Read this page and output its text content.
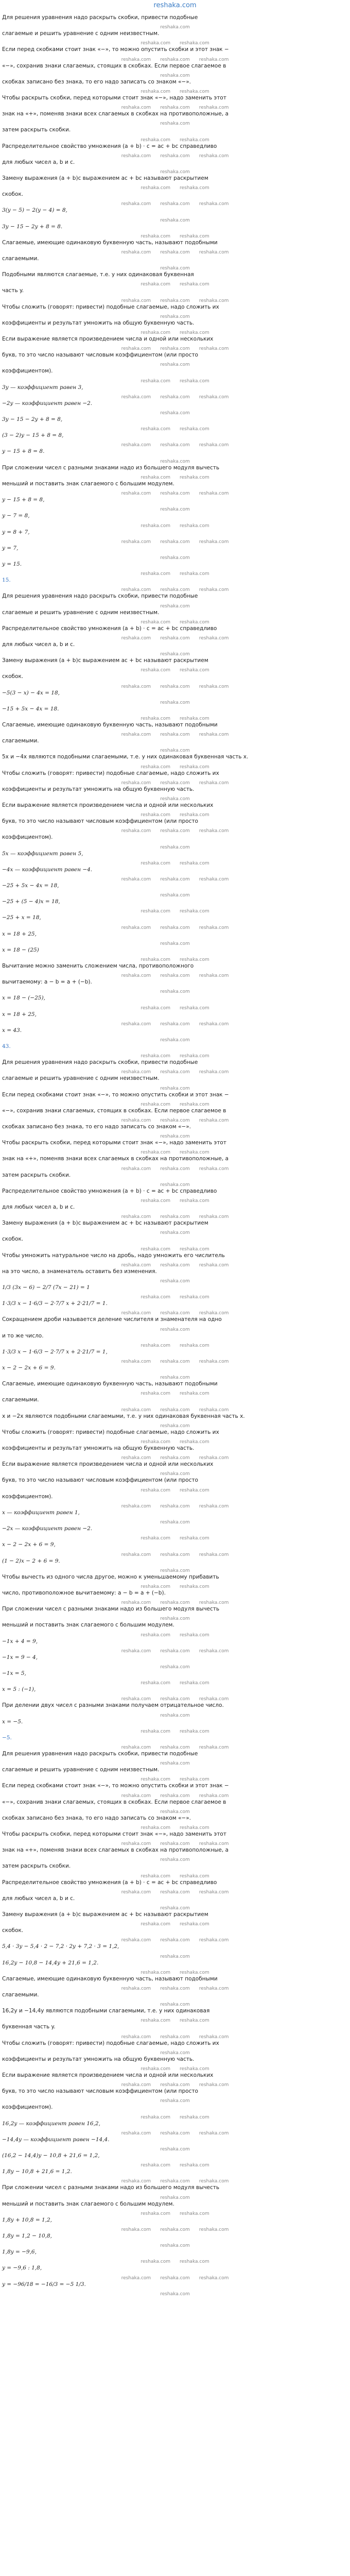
reshaka.com
Для решения уравнения надо раскрыть скобки, привести подобные
reshaka.com
слагаемые и решить уравнение с одним неизвестным.
reshaka.com reshaka.com
Если перед скобками стоит знак «−», то можно опустить скобки и этот знак −
reshaka.com reshaka.com reshaka.com
«−», сохранив знаки слагаемых, стоящих в скобках. Если первое слагаемое в
reshaka.com
скобках записано без знака, то его надо записать со знаком «−».
reshaka.com reshaka.com
Чтобы раскрыть скобки, перед которыми стоит знак «−», надо заменить этот
reshaka.com reshaka.com reshaka.com
знак на «+», поменяв знаки всех слагаемых в скобках на противоположные, а
reshaka.com
затем раскрыть скобки.
reshaka.com reshaka.com
Распределительное свойство умножения (a + b) · c = ac + bc справедливо
reshaka.com reshaka.com reshaka.com
для любых чисел a, b и c.
reshaka.com
Замену выражения (a + b)c выражением ac + bc называют раскрытием
reshaka.com reshaka.com
скобок.
reshaka.com reshaka.com reshaka.com
3(y − 5) − 2(y − 4) = 8,
reshaka.com
3y − 15 − 2y + 8 = 8.
reshaka.com reshaka.com
Слагаемые, имеющие одинаковую буквенную часть, называют подобными
reshaka.com reshaka.com reshaka.com
слагаемыми.
reshaka.com
Подобными являются слагаемые, т.е. у них одинаковая буквенная
reshaka.com reshaka.com
часть y.
reshaka.com reshaka.com reshaka.com
Чтобы сложить (говорят: привести) подобные слагаемые, надо сложить их
reshaka.com
коэффициенты и результат умножить на общую буквенную часть.
reshaka.com reshaka.com
Если выражение является произведением числа и одной или нескольких
reshaka.com reshaka.com reshaka.com
букв, то это число называют числовым коэффициентом (или просто
reshaka.com
коэффициентом).
reshaka.com reshaka.com
3y — коэффициент равен 3,
reshaka.com reshaka.com reshaka.com
−2y — коэффициент равен −2.
reshaka.com
3y − 15 − 2y + 8 = 8,
reshaka.com reshaka.com
(3 − 2)y − 15 + 8 = 8,
reshaka.com reshaka.com reshaka.com
y − 15 + 8 = 8.
reshaka.com
При сложении чисел с разными знаками надо из большего модуля вычесть
reshaka.com reshaka.com
меньший и поставить знак слагаемого с большим модулем.
reshaka.com reshaka.com reshaka.com
y − 15 + 8 = 8,
reshaka.com
y − 7 = 8,
reshaka.com reshaka.com
y = 8 + 7,
reshaka.com reshaka.com reshaka.com
y = 7,
reshaka.com
y = 15.
reshaka.com reshaka.com
15.
reshaka.com reshaka.com reshaka.com
Для решения уравнения надо раскрыть скобки, привести подобные
reshaka.com
слагаемые и решить уравнение с одним неизвестным.
reshaka.com reshaka.com
Распределительное свойство умножения (a + b) · c = ac + bc справедливо
reshaka.com reshaka.com reshaka.com
для любых чисел a, b и c.
reshaka.com
Замену выражения (a + b)c выражением ac + bc называют раскрытием
reshaka.com reshaka.com
скобок.
reshaka.com reshaka.com reshaka.com
−5(3 − x) − 4x = 18,
reshaka.com
−15 + 5x − 4x = 18.
reshaka.com reshaka.com
Слагаемые, имеющие одинаковую буквенную часть, называют подобными
reshaka.com reshaka.com reshaka.com
слагаемыми.
reshaka.com
5x и −4x являются подобными слагаемыми, т.е. у них одинаковая буквенная часть x.
reshaka.com reshaka.com
Чтобы сложить (говорят: привести) подобные слагаемые, надо сложить их
reshaka.com reshaka.com reshaka.com
коэффициенты и результат умножить на общую буквенную часть.
reshaka.com
Если выражение является произведением числа и одной или нескольких
reshaka.com reshaka.com
букв, то это число называют числовым коэффициентом (или просто
reshaka.com reshaka.com reshaka.com
коэффициентом).
reshaka.com
5x — коэффициент равен 5,
reshaka.com reshaka.com
−4x — коэффициент равен −4.
reshaka.com reshaka.com reshaka.com
−25 + 5x − 4x = 18,
reshaka.com
−25 + (5 − 4)x = 18,
reshaka.com reshaka.com
−25 + x = 18,
reshaka.com reshaka.com reshaka.com
x = 18 + 25,
reshaka.com
x = 18 − (25)
reshaka.com reshaka.com
Вычитание можно заменить сложением числа, противоположного
reshaka.com reshaka.com reshaka.com
вычитаемому: a − b = a + (−b).
reshaka.com
x = 18 − (−25),
reshaka.com reshaka.com
x = 18 + 25,
reshaka.com reshaka.com reshaka.com
x = 43.
reshaka.com
43.
reshaka.com reshaka.com
Для решения уравнения надо раскрыть скобки, привести подобные
reshaka.com reshaka.com reshaka.com
слагаемые и решить уравнение с одним неизвестным.
reshaka.com
Если перед скобками стоит знак «−», то можно опустить скобки и этот знак −
reshaka.com reshaka.com
«−», сохранив знаки слагаемых, стоящих в скобках. Если первое слагаемое в
reshaka.com reshaka.com reshaka.com
скобках записано без знака, то его надо записать со знаком «−».
reshaka.com
Чтобы раскрыть скобки, перед которыми стоит знак «−», надо заменить этот
reshaka.com reshaka.com
знак на «+», поменяв знаки всех слагаемых в скобках на противоположные, а
reshaka.com reshaka.com reshaka.com
затем раскрыть скобки.
reshaka.com
Распределительное свойство умножения (a + b) · c = ac + bc справедливо
reshaka.com reshaka.com
для любых чисел a, b и c.
reshaka.com reshaka.com reshaka.com
Замену выражения (a + b)c выражением ac + bc называют раскрытием
reshaka.com
скобок.
reshaka.com reshaka.com
Чтобы умножить натуральное число на дробь, надо умножить его числитель
reshaka.com reshaka.com reshaka.com
на это число, а знаменатель оставить без изменения.
reshaka.com
1/3 (3x − 6) − 2/7 (7x − 21) = 1
reshaka.com reshaka.com
1·3/3 x − 1·6/3 − 2·7/7 x + 2·21/7 = 1.
reshaka.com reshaka.com reshaka.com
Сокращением дроби называется деление числителя и знаменателя на одно
reshaka.com
и то же число.
reshaka.com reshaka.com
1·3/3 x − 1·6/3 − 2·7/7 x + 2·21/7 = 1,
reshaka.com reshaka.com reshaka.com
x − 2 − 2x + 6 = 9.
reshaka.com
Слагаемые, имеющие одинаковую буквенную часть, называют подобными
reshaka.com reshaka.com
слагаемыми.
reshaka.com reshaka.com reshaka.com
x и −2x являются подобными слагаемыми, т.е. у них одинаковая буквенная часть x.
reshaka.com
Чтобы сложить (говорят: привести) подобные слагаемые, надо сложить их
reshaka.com reshaka.com
коэффициенты и результат умножить на общую буквенную часть.
reshaka.com reshaka.com reshaka.com
Если выражение является произведением числа и одной или нескольких
reshaka.com
букв, то это число называют числовым коэффициентом (или просто
reshaka.com reshaka.com
коэффициентом).
reshaka.com reshaka.com reshaka.com
x — коэффициент равен 1,
reshaka.com
−2x — коэффициент равен −2.
reshaka.com reshaka.com
x − 2 − 2x + 6 = 9,
reshaka.com reshaka.com reshaka.com
(1 − 2)x − 2 + 6 = 9.
reshaka.com
Чтобы вычесть из одного числа другое, можно к уменьшаемому прибавить
reshaka.com reshaka.com
число, противоположное вычитаемому: a − b = a + (−b).
reshaka.com reshaka.com reshaka.com
При сложении чисел с разными знаками надо из большего модуля вычесть
reshaka.com
меньший и поставить знак слагаемого с большим модулем.
reshaka.com reshaka.com
−1x + 4 = 9,
reshaka.com reshaka.com reshaka.com
−1x = 9 − 4,
reshaka.com
−1x = 5,
reshaka.com reshaka.com
x = 5 : (−1),
reshaka.com reshaka.com reshaka.com
При делении двух чисел с разными знаками получаем отрицательное число.
reshaka.com
x = −5.
reshaka.com reshaka.com
−5.
reshaka.com reshaka.com reshaka.com
Для решения уравнения надо раскрыть скобки, привести подобные
reshaka.com
слагаемые и решить уравнение с одним неизвестным.
reshaka.com reshaka.com
Если перед скобками стоит знак «−», то можно опустить скобки и этот знак −
reshaka.com reshaka.com reshaka.com
«−», сохранив знаки слагаемых, стоящих в скобках. Если первое слагаемое в
reshaka.com
скобках записано без знака, то его надо записать со знаком «−».
reshaka.com reshaka.com
Чтобы раскрыть скобки, перед которыми стоит знак «−», надо заменить этот
reshaka.com reshaka.com reshaka.com
знак на «+», поменяв знаки всех слагаемых в скобках на противоположные, а
reshaka.com
затем раскрыть скобки.
reshaka.com reshaka.com
Распределительное свойство умножения (a + b) · c = ac + bc справедливо
reshaka.com reshaka.com reshaka.com
для любых чисел a, b и c.
reshaka.com
Замену выражения (a + b)c выражением ac + bc называют раскрытием
reshaka.com reshaka.com
скобок.
reshaka.com reshaka.com reshaka.com
5,4 · 3y − 5,4 · 2 − 7,2 · 2y + 7,2 · 3 = 1,2,
reshaka.com
16,2y − 10,8 − 14,4y + 21,6 = 1,2.
reshaka.com reshaka.com
Слагаемые, имеющие одинаковую буквенную часть, называют подобными
reshaka.com reshaka.com reshaka.com
слагаемыми.
reshaka.com
16,2y и −14,4y являются подобными слагаемыми, т.е. у них одинаковая
reshaka.com reshaka.com
буквенная часть y.
reshaka.com reshaka.com reshaka.com
Чтобы сложить (говорят: привести) подобные слагаемые, надо сложить их
reshaka.com
коэффициенты и результат умножить на общую буквенную часть.
reshaka.com reshaka.com
Если выражение является произведением числа и одной или нескольких
reshaka.com reshaka.com reshaka.com
букв, то это число называют числовым коэффициентом (или просто
reshaka.com
коэффициентом).
reshaka.com reshaka.com
16,2y — коэффициент равен 16,2,
reshaka.com reshaka.com reshaka.com
−14,4y — коэффициент равен −14,4.
reshaka.com
(16,2 − 14,4)y − 10,8 + 21,6 = 1,2,
reshaka.com reshaka.com
1,8y − 10,8 + 21,6 = 1,2.
reshaka.com reshaka.com reshaka.com
При сложении чисел с разными знаками надо из большего модуля вычесть
reshaka.com
меньший и поставить знак слагаемого с большим модулем.
reshaka.com reshaka.com
1,8y + 10,8 = 1,2,
reshaka.com reshaka.com reshaka.com
1,8y = 1,2 − 10,8,
reshaka.com
1,8y = −9,6,
reshaka.com reshaka.com
y = −9,6 : 1,8,
reshaka.com reshaka.com reshaka.com
y = −96/18 = −16/3 = −5 1/3.
reshaka.com
